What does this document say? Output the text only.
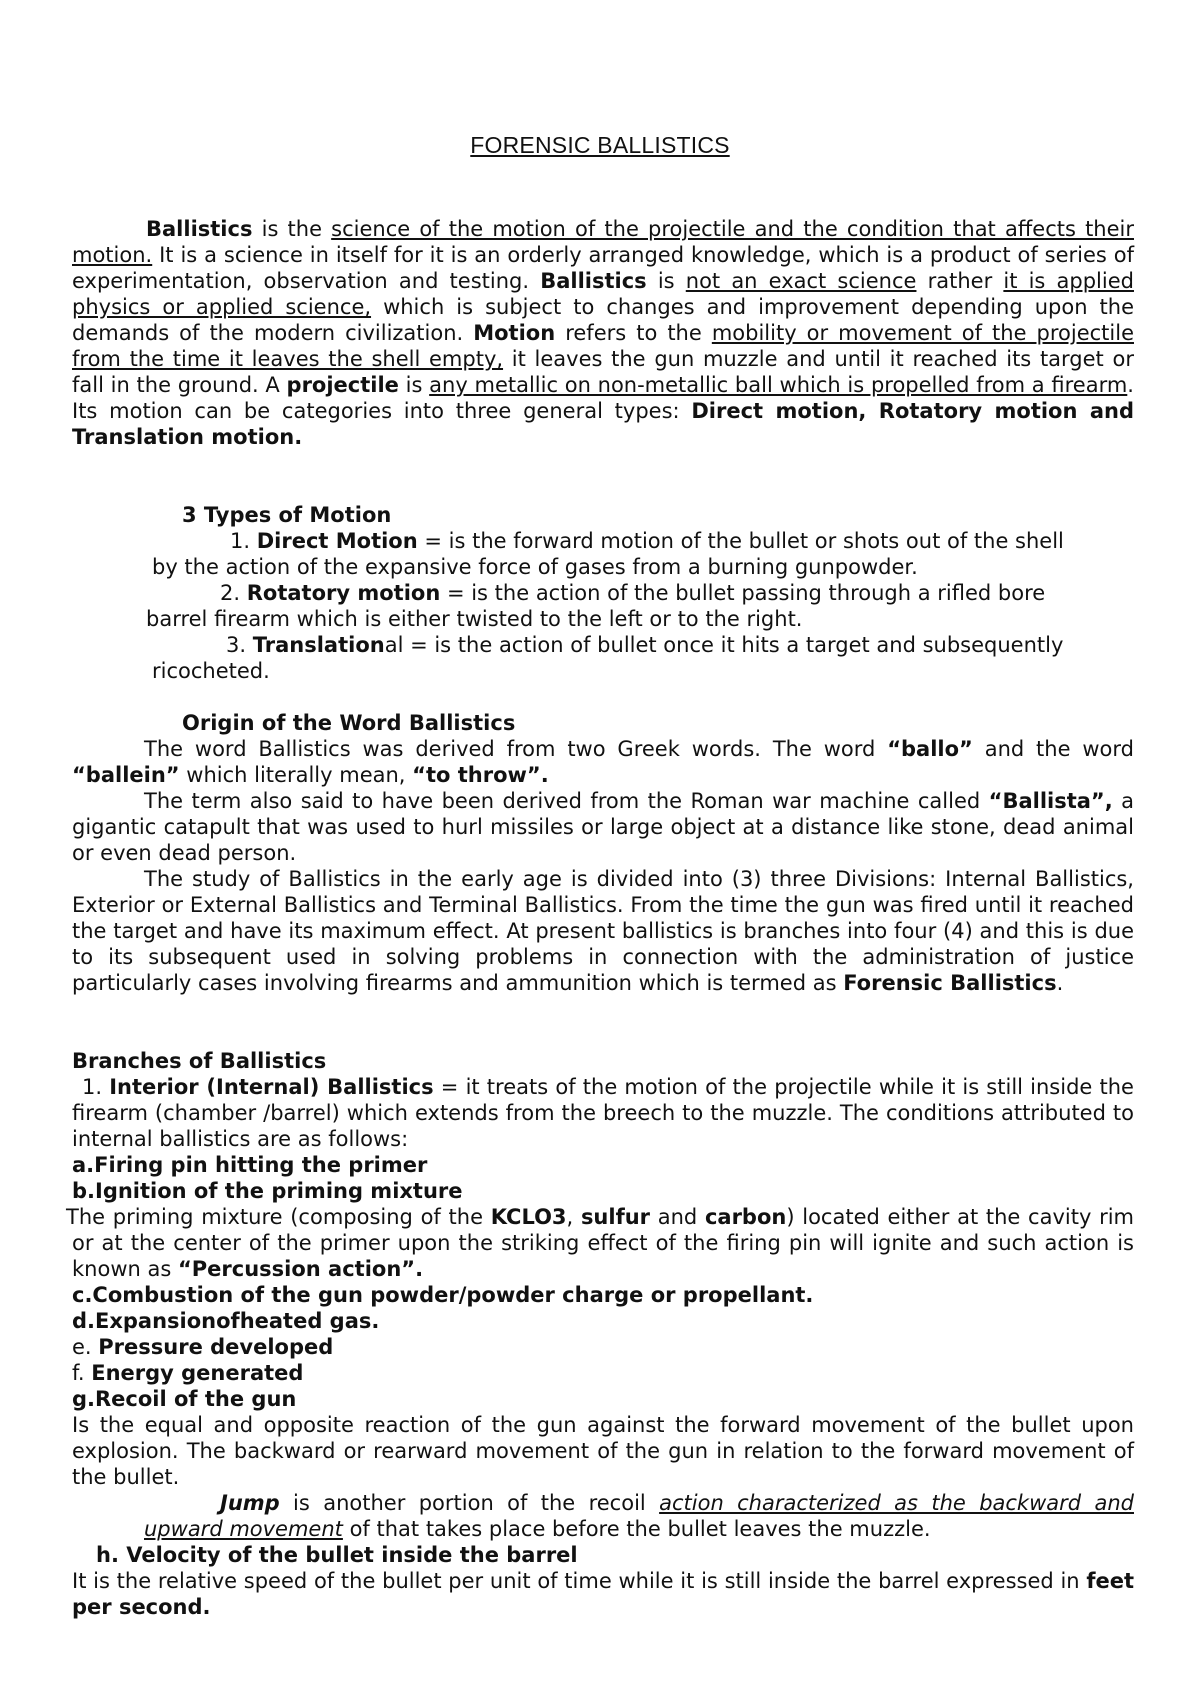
FORENSIC BALLISTICS
Ballistics is the science of the motion of the projectile and the condition that affects their motion. It is a science in itself for it is an orderly arranged knowledge, which is a product of series of experimentation, observation and testing. Ballistics is not an exact science rather it is applied physics or applied science, which is subject to changes and improvement depending upon the demands of the modern civilization. Motion refers to the mobility or movement of the projectile from the time it leaves the shell empty, it leaves the gun muzzle and until it reached its target or fall in the ground. A projectile is any metallic on non-metallic ball which is propelled from a firearm. Its motion can be categories into three general types: Direct motion, Rotatory motion and Translation motion.
3 Types of Motion
1. Direct Motion = is the forward motion of the bullet or shots out of the shell
by the action of the expansive force of gases from a burning gunpowder.
2. Rotatory motion = is the action of the bullet passing through a rifled bore
barrel firearm which is either twisted to the left or to the right.
3. Translational = is the action of bullet once it hits a target and subsequently
ricocheted.
Origin of the Word Ballistics
The word Ballistics was derived from two Greek words. The word “ballo” and the word “ballein” which literally mean, “to throw”.
The term also said to have been derived from the Roman war machine called “Ballista”, a gigantic catapult that was used to hurl missiles or large object at a distance like stone, dead animal or even dead person.
The study of Ballistics in the early age is divided into (3) three Divisions: Internal Ballistics, Exterior or External Ballistics and Terminal Ballistics. From the time the gun was fired until it reached the target and have its maximum effect. At present ballistics is branches into four (4) and this is due to its subsequent used in solving problems in connection with the administration of justice particularly cases involving firearms and ammunition which is termed as Forensic Ballistics.
Branches of Ballistics
1. Interior (Internal) Ballistics = it treats of the motion of the projectile while it is still inside the firearm (chamber /barrel) which extends from the breech to the muzzle. The conditions attributed to internal ballistics are as follows:
a.Firing pin hitting the primer
b.Ignition of the priming mixture
The priming mixture (composing of the KCLO3, sulfur and carbon) located either at the cavity rim or at the center of the primer upon the striking effect of the firing pin will ignite and such action is known as “Percussion action”.
c.Combustion of the gun powder/powder charge or propellant.
d.Expansionofheated gas.
e. Pressure developed
f. Energy generated
g.Recoil of the gun
Is the equal and opposite reaction of the gun against the forward movement of the bullet upon explosion. The backward or rearward movement of the gun in relation to the forward movement of the bullet.
Jump is another portion of the recoil action characterized as the backward and upward movement of that takes place before the bullet leaves the muzzle.
h. Velocity of the bullet inside the barrel
It is the relative speed of the bullet per unit of time while it is still inside the barrel expressed in feet per second.
